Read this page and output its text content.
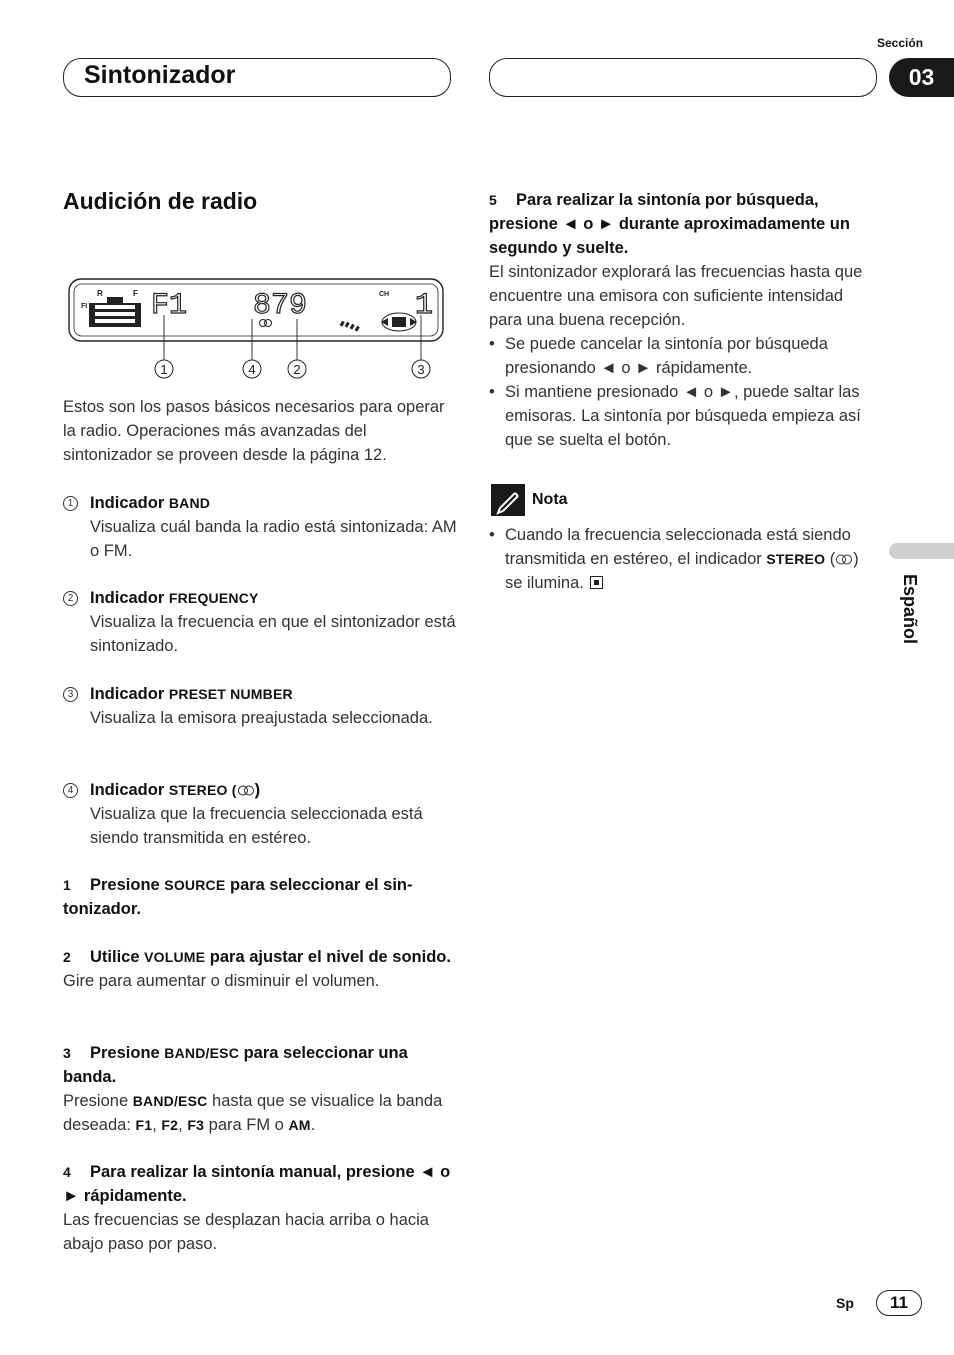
Sintonizador
Sección
03
Español
Audición de radio
R	F
FI F1 879	CH 1
1	4	2	3
Estos son los pasos básicos necesarios para operar la radio. Operaciones más avanzadas del sintonizador se proveen desde la página 12.
1 Indicador BAND
Visualiza cuál banda la radio está sintonizada: AM o FM.
2 Indicador FREQUENCY
Visualiza la frecuencia en que el sintonizador está sintonizado.
3 Indicador PRESET NUMBER
Visualiza la emisora preajustada seleccionada.
4 Indicador STEREO ( )
Visualiza que la frecuencia seleccionada está siendo transmitida en estéreo.
1 Presione SOURCE para seleccionar el sin-tonizador.
2 Utilice VOLUME para ajustar el nivel de sonido.
Gire para aumentar o disminuir el volumen.
3 Presione BAND/ESC para seleccionar una banda.
Presione BAND/ESC hasta que se visualice la banda deseada: F1, F2, F3 para FM o AM.
4 Para realizar la sintonía manual, presione ◄ o ► rápidamente.
Las frecuencias se desplazan hacia arriba o hacia abajo paso por paso.
5 Para realizar la sintonía por búsqueda, presione ◄ o ► durante aproximadamente un segundo y suelte.
El sintonizador explorará las frecuencias hasta que encuentre una emisora con suficiente intensidad para una buena recepción.
• Se puede cancelar la sintonía por búsqueda presionando ◄ o ► rápidamente.
• Si mantiene presionado ◄ o ►, puede saltar las emisoras. La sintonía por búsqueda empieza así que se suelta el botón.
Nota
• Cuando la frecuencia seleccionada está siendo transmitida en estéreo, el indicador STEREO ( ) se ilumina.
Sp	11
